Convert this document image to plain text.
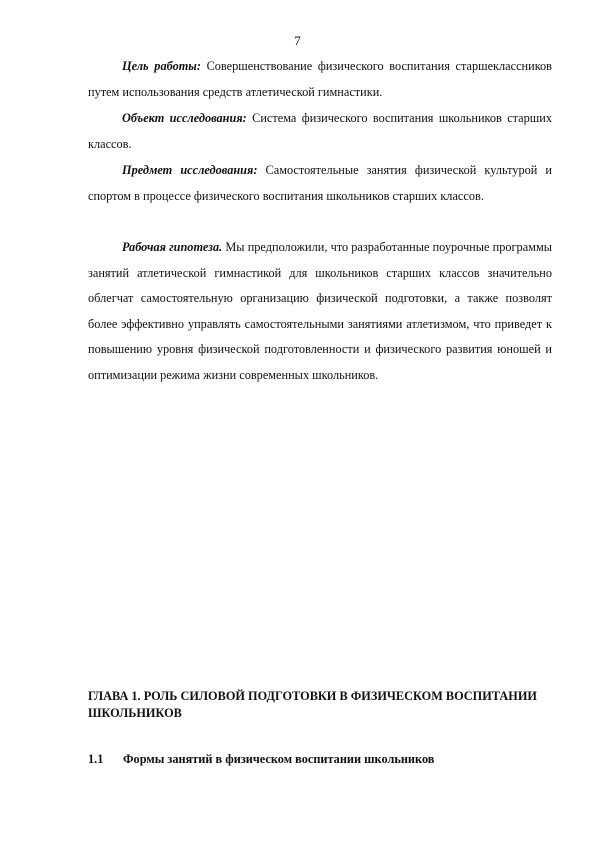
7

Цель работы: Совершенствование физического воспитания старшеклассников путем использования средств атлетической гимнастики.

Объект исследования: Система физического воспитания школьников старших классов.

Предмет исследования: Самостоятельные занятия физической культурой и спортом в процессе физического воспитания школьников старших классов.

Рабочая гипотеза. Мы предположили, что разработанные поурочные программы занятий атлетической гимнастикой для школьников старших классов значительно облегчат самостоятельную организацию физической подготовки, а также позволят более эффективно управлять самостоятельными занятиями атлетизмом, что приведет к повышению уровня физической подготовленности и физического развития юношей и оптимизации режима жизни современных школьников.

ГЛАВА 1. РОЛЬ СИЛОВОЙ ПОДГОТОВКИ В ФИЗИЧЕСКОМ ВОСПИТАНИИ ШКОЛЬНИКОВ
1.1 Формы занятий в физическом воспитании школьников
